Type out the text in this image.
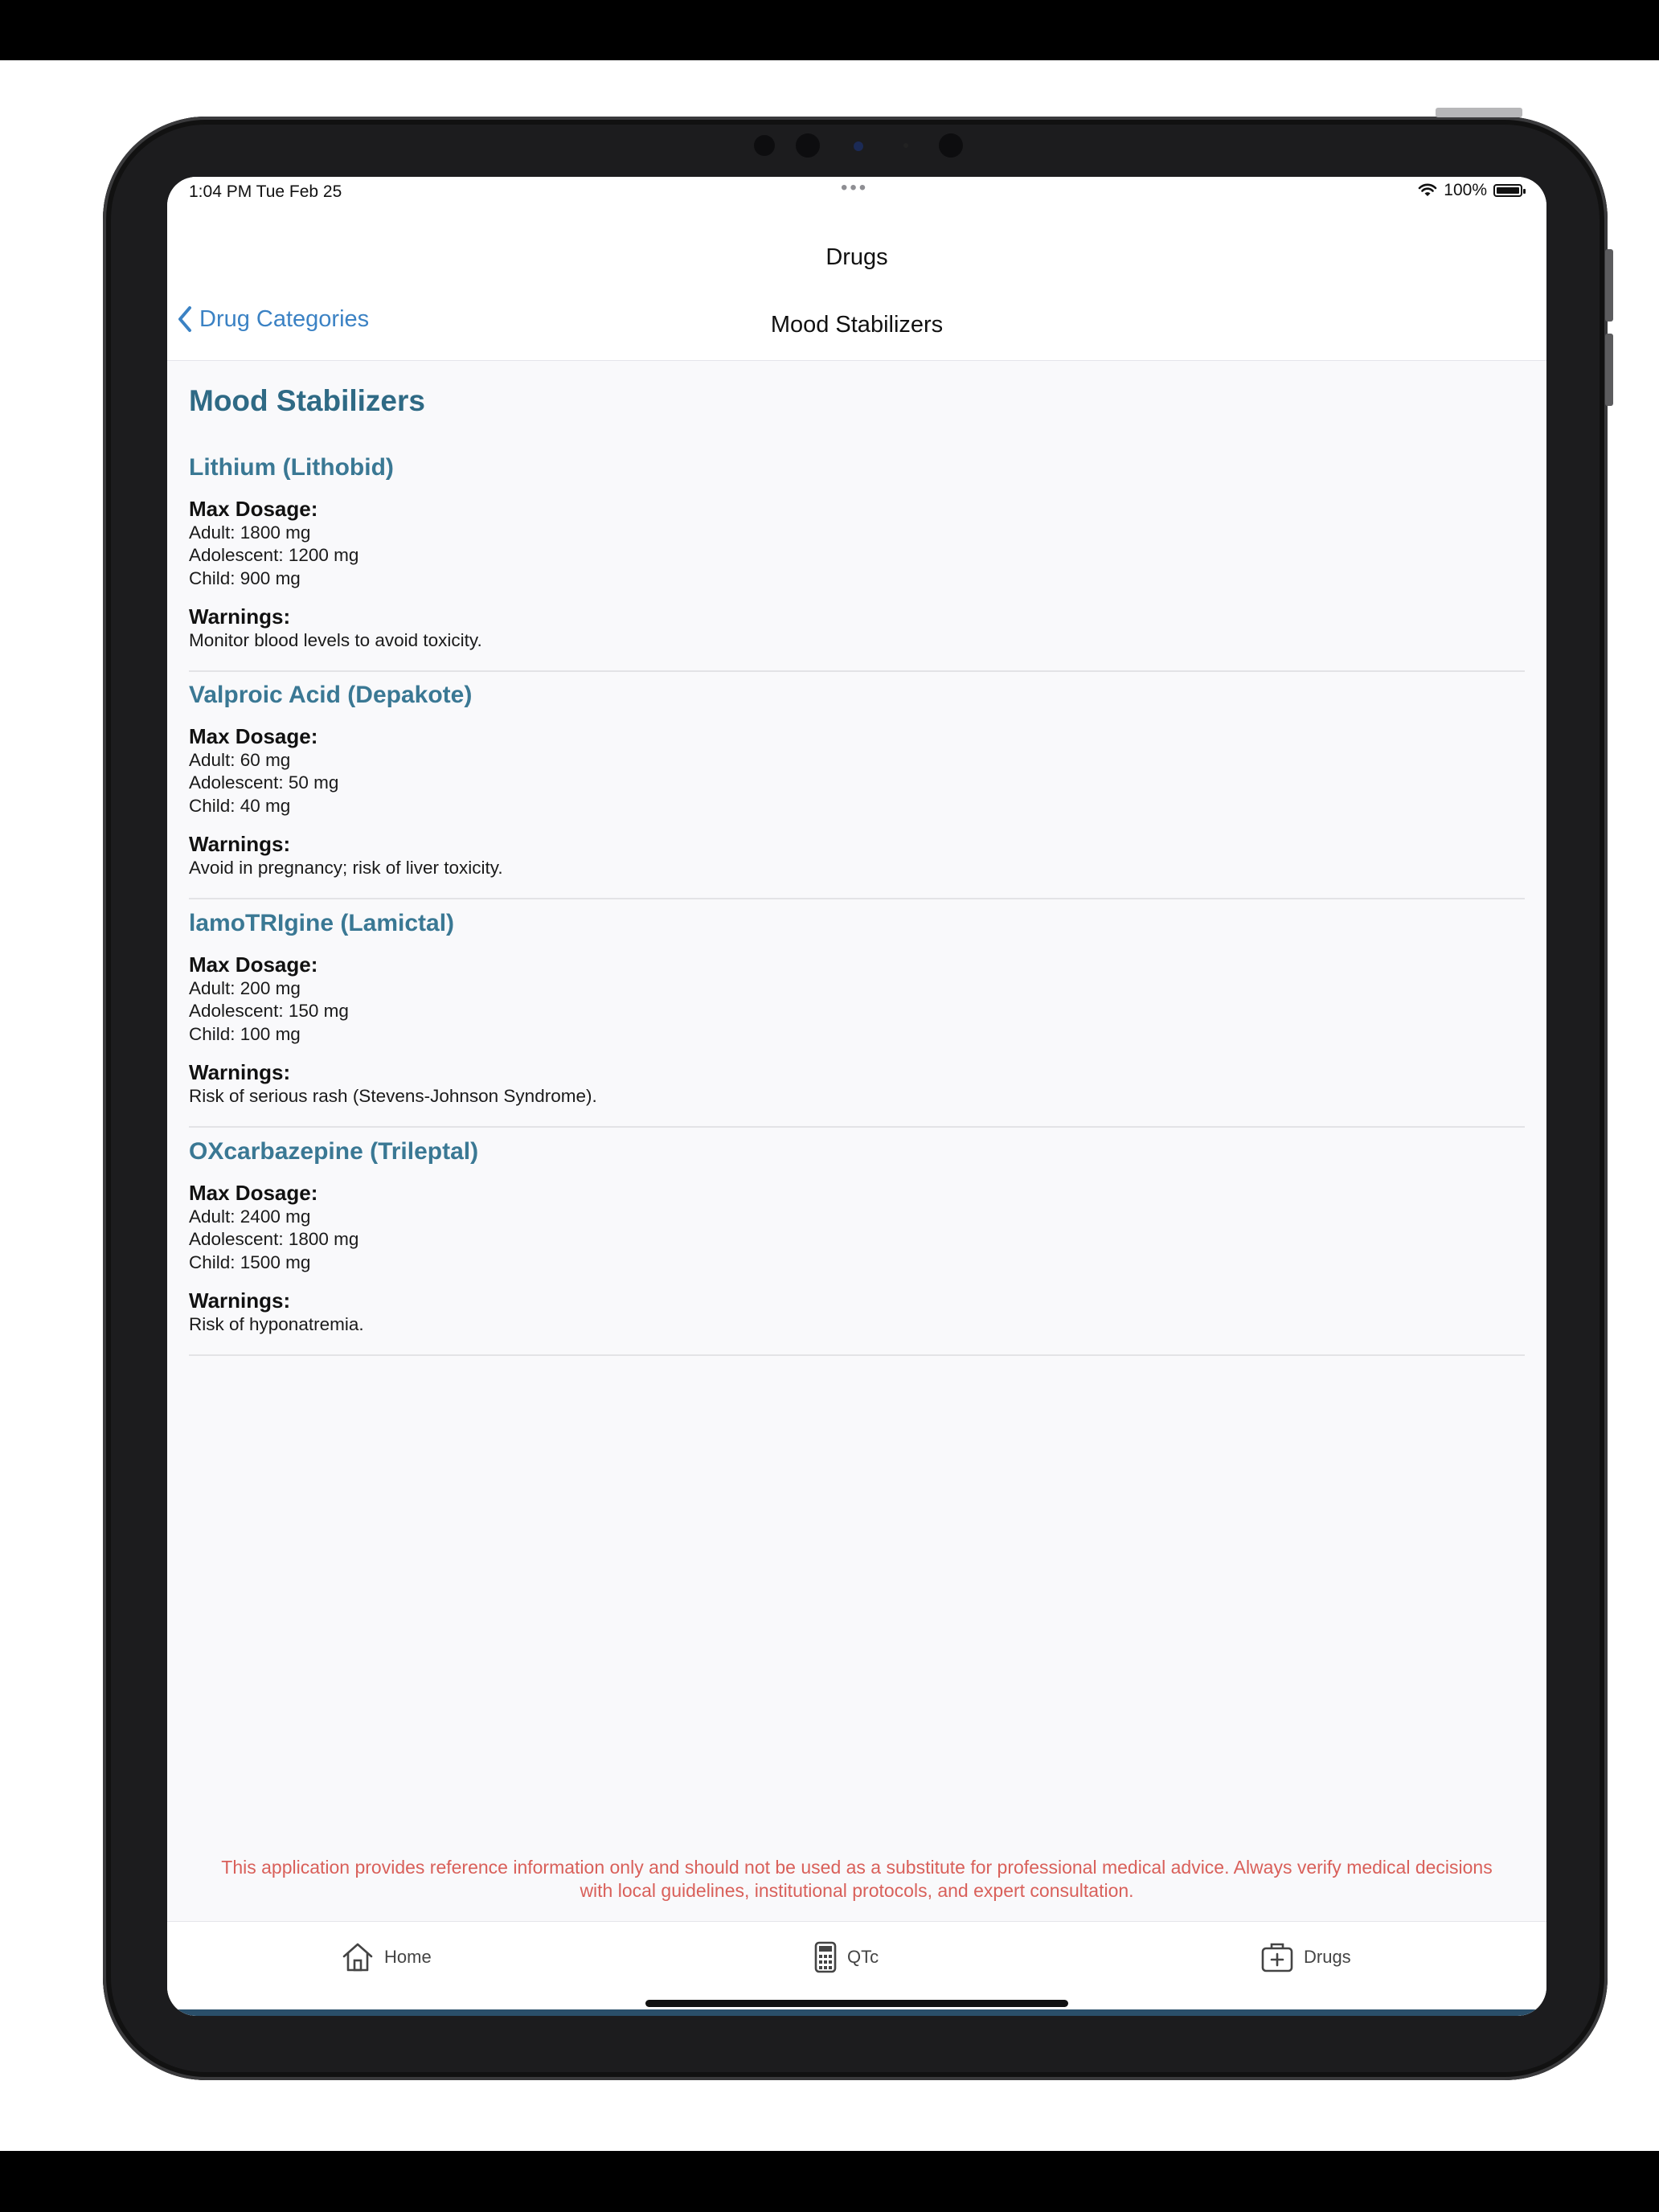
1:04 PM Tue Feb 25	•••	100%
Drugs
Drug Categories	Mood Stabilizers
Mood Stabilizers
Lithium (Lithobid)
Max Dosage:
Adult: 1800 mg
Adolescent: 1200 mg
Child: 900 mg
Warnings:
Monitor blood levels to avoid toxicity.
Valproic Acid (Depakote)
Max Dosage:
Adult: 60 mg
Adolescent: 50 mg
Child: 40 mg
Warnings:
Avoid in pregnancy; risk of liver toxicity.
lamoTRIgine (Lamictal)
Max Dosage:
Adult: 200 mg
Adolescent: 150 mg
Child: 100 mg
Warnings:
Risk of serious rash (Stevens-Johnson Syndrome).
OXcarbazepine (Trileptal)
Max Dosage:
Adult: 2400 mg
Adolescent: 1800 mg
Child: 1500 mg
Warnings:
Risk of hyponatremia.
This application provides reference information only and should not be used as a substitute for professional medical advice. Always verify medical decisions with local guidelines, institutional protocols, and expert consultation.
Home	QTc	Drugs
